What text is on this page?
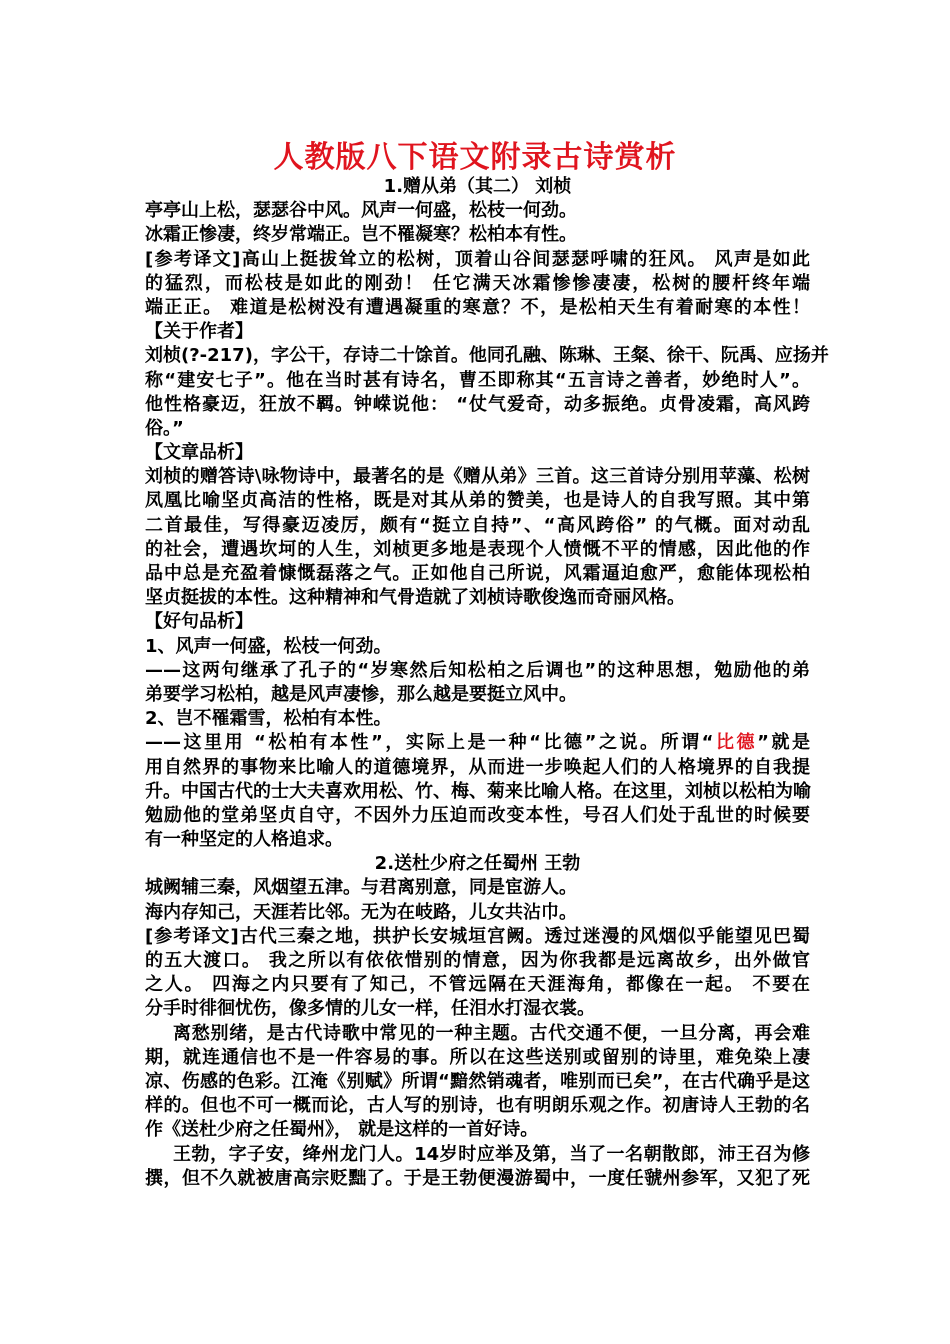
人教版八下语文附录古诗赏析
1.赠从弟（其二） 刘桢
亭亭山上松，瑟瑟谷中风。风声一何盛，松枝一何劲。
冰霜正惨凄，终岁常端正。岂不罹凝寒？松柏本有性。
[参考译文]高山上挺拔耸立的松树，顶着山谷间瑟瑟呼啸的狂风。 风声是如此
的猛烈，而松枝是如此的刚劲！ 任它满天冰霜惨惨凄凄，松树的腰杆终年端
端正正。 难道是松树没有遭遇凝重的寒意？不，是松柏天生有着耐寒的本性！
【关于作者】
刘桢(?-217)，字公干，存诗二十馀首。他同孔融、陈琳、王粲、徐干、阮禹、应扬并
称“建安七子”。他在当时甚有诗名，曹丕即称其“五言诗之善者，妙绝时人”。
他性格豪迈，狂放不羁。钟嵘说他： “仗气爱奇，动多振绝。贞骨凌霜，高风跨
俗。”
【文章品析】
刘桢的赠答诗\咏物诗中，最著名的是《赠从弟》三首。这三首诗分别用苹藻、松树
凤凰比喻坚贞高洁的性格，既是对其从弟的赞美，也是诗人的自我写照。其中第
二首最佳，写得豪迈凌厉，颇有“挺立自持”、“高风跨俗” 的气概。面对动乱
的社会，遭遇坎坷的人生，刘桢更多地是表现个人愤慨不平的情感，因此他的作
品中总是充盈着慷慨磊落之气。正如他自己所说，风霜逼迫愈严，愈能体现松柏
坚贞挺拔的本性。这种精神和气骨造就了刘桢诗歌俊逸而奇丽风格。
【好句品析】
1、风声一何盛，松枝一何劲。
——这两句继承了孔子的“岁寒然后知松柏之后调也”的这种思想，勉励他的弟
弟要学习松柏，越是风声凄惨，那么越是要挺立风中。
2、岂不罹霜雪，松柏有本性。
——这里用 “松柏有本性”，实际上是一种“比德”之说。所谓“比德”就是
用自然界的事物来比喻人的道德境界，从而进一步唤起人们的人格境界的自我提
升。中国古代的士大夫喜欢用松、竹、梅、菊来比喻人格。在这里，刘桢以松柏为喻
勉励他的堂弟坚贞自守，不因外力压迫而改变本性，号召人们处于乱世的时候要
有一种坚定的人格追求。
2.送杜少府之任蜀州 王勃
城阙辅三秦，风烟望五津。与君离别意，同是宦游人。
海内存知己，天涯若比邻。无为在岐路，儿女共沾巾。
[参考译文]古代三秦之地，拱护长安城垣宫阙。透过迷漫的风烟似乎能望见巴蜀
的五大渡口。 我之所以有依依惜别的情意，因为你我都是远离故乡，出外做官
之人。 四海之内只要有了知己，不管远隔在天涯海角，都像在一起。 不要在
分手时徘徊忧伤，像多情的儿女一样，任泪水打湿衣裳。
离愁别绪，是古代诗歌中常见的一种主题。古代交通不便，一旦分离，再会难
期，就连通信也不是一件容易的事。所以在这些送别或留别的诗里，难免染上凄
凉、伤感的色彩。江淹《别赋》所谓“黯然销魂者，唯别而已矣”，在古代确乎是这
样的。但也不可一概而论，古人写的别诗，也有明朗乐观之作。初唐诗人王勃的名
作《送杜少府之任蜀州》， 就是这样的一首好诗。
王勃，字子安，绛州龙门人。14岁时应举及第，当了一名朝散郎，沛王召为修
撰，但不久就被唐高宗贬黜了。于是王勃便漫游蜀中，一度任虢州参军，又犯了死
